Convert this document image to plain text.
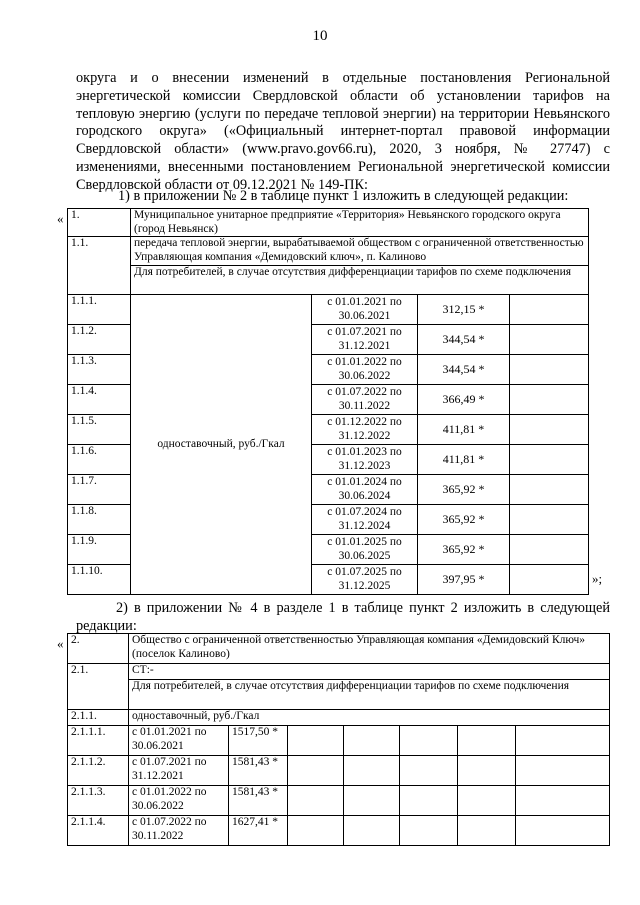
10
округа и о внесении изменений в отдельные постановления Региональной энергетической комиссии Свердловской области об установлении тарифов на тепловую энергию (услуги по передаче тепловой энергии) на территории Невьянского городского округа» («Официальный интернет-портал правовой информации Свердловской области» (www.pravo.gov66.ru), 2020, 3 ноября, № 27747) с изменениями, внесенными постановлением Региональной энергетической комиссии Свердловской области от 09.12.2021 № 149-ПК:
1) в приложении № 2 в таблице пункт 1 изложить в следующей редакции:
« 1.	Муниципальное унитарное предприятие «Территория» Невьянского городского округа (город Невьянск)			
1.1.	передача тепловой энергии, вырабатываемой обществом с ограниченной ответственностью Управляющая компания «Демидовский ключ», п. Калиново			
	Для потребителей, в случае отсутствия дифференциации тарифов по схеме подключения			
1.1.1.	одноставочный, руб./Гкал	с 01.01.2021 по 30.06.2021	312,15 *	
1.1.2.		с 01.07.2021 по 31.12.2021	344,54 *	
1.1.3.		с 01.01.2022 по 30.06.2022	344,54 *	
1.1.4.		с 01.07.2022 по 30.11.2022	366,49 *	
1.1.5.		с 01.12.2022 по 31.12.2022	411,81 *	
1.1.6.		с 01.01.2023 по 31.12.2023	411,81 *	
1.1.7.		с 01.01.2024 по 30.06.2024	365,92 *	
1.1.8.		с 01.07.2024 по 31.12.2024	365,92 *	
1.1.9.		с 01.01.2025 по 30.06.2025	365,92 *	
1.1.10.		с 01.07.2025 по 31.12.2025	397,95 *		»;
2) в приложении № 4 в разделе 1 в таблице пункт 2 изложить в следующей редакции:
« 2.	Общество с ограниченной ответственностью Управляющая компания «Демидовский Ключ» (поселок Калиново)						
2.1.	СТ:-						
	Для потребителей, в случае отсутствия дифференциации тарифов по схеме подключения						
2.1.1.	одноставочный, руб./Гкал						
2.1.1.1.	с 01.01.2021 по 30.06.2021	1517,50 *					
2.1.1.2.	с 01.07.2021 по 31.12.2021	1581,43 *					
2.1.1.3.	с 01.01.2022 по 30.06.2022	1581,43 *					
2.1.1.4.	с 01.07.2022 по 30.11.2022	1627,41 *					
